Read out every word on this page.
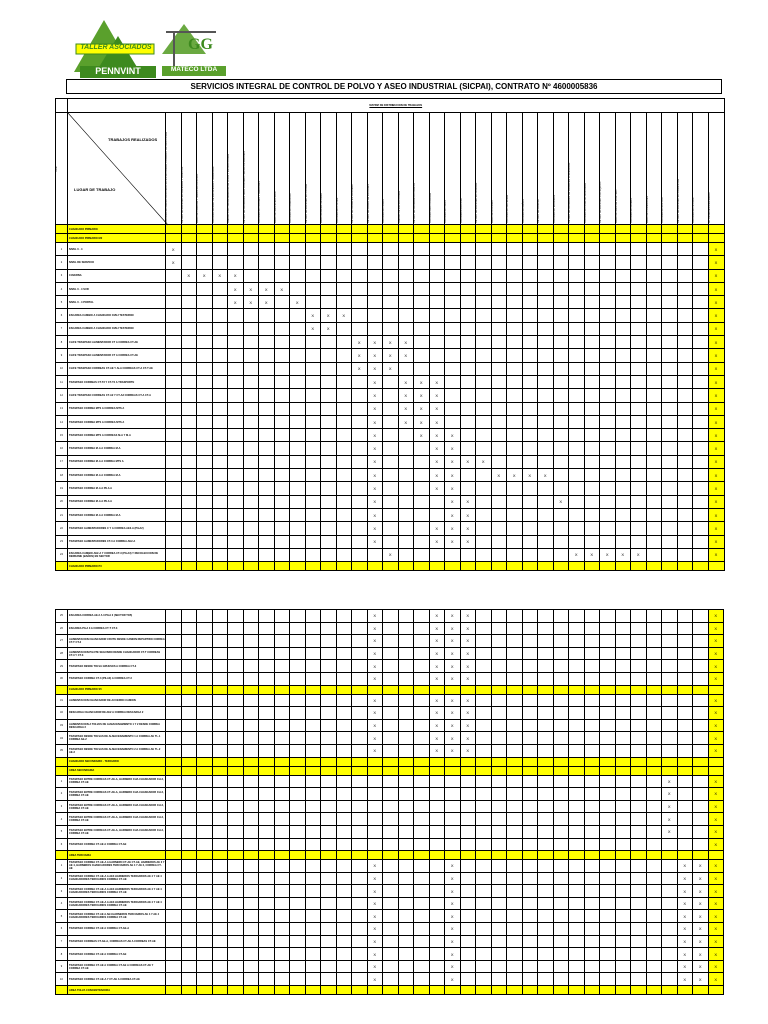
TALLER ASOCIADOS
PENNVINT
GG
MATECO LTDA
SERVICIOS INTEGRAL DE CONTROL DE POLVO Y ASEO INDUSTRIAL (SICPAI), CONTRATO Nº 4600005836
	MATRIZ DE DISTRIBUCION DE TRABAJOS																																				

ITEM	TRABAJOS REALIZADOS
LUGAR DE TRABAJO	LIMPIEZA DE BARRO CORTINA/CHUTES DE CARGA, CORREA Y ESTRUCTURAS	RETIRO DE MATERIAL EN GALERIAS Y PASILLOS	ASEO DE CASETAS Y SALAS DE CONTROL	LIMPIEZA MANUAL DE ESCALERAS Y BARANDAS	LAVADO CON HIDROLAVADORA DE PISOS Y ESTRUCTURAS	RETIRO DE DERRAMES BAJO CORREAS TRANSPORTADORAS	LIMPIEZA DE POLINES Y TAMBORES	ASEO DE SALA ELECTRICA	LIMPIEZA DE CANALETAS	RETIRO DE MATERIAL EN TOLVAS	ASEO GENERAL DE AREA	LIMPIEZA DE CHUTES	RETIRO DE CARGA EN CORREAS	RETIRO DE BARRO DE MOTORES	LIMPIEZA DE FOSOS	LAVADO DE ESTRUCTURAS	RETIRO DE DERRAME EN PASILLO	LIMPIEZA BAJO CORREAS	LIMPIEZA DE PISOS	LIMPIEZA EN ALTURA	RETIRO DE MATERIAL EN BOMBAS	ASEO DE OFICINAS	LIMPIEZA DE VENTANAS	LIMPIEZA DE BAÑOS	RETIRO DE BASURA	LIMPIEZA DE TABLEROS	RETIRO DE DERRAMES DE CARGA EN CHANCADOR	LIMPIEZA DE ZONA DE DESCARGA	RETIRO DE MATERIAL CON EQUIPO	ASEO DE SALA DE CONTROL	LIMPIEZA DE BATEAS	ASEO DE COMEDORES	LIMPIEZA DE DUCTOS	RETIRO DE MATERIAL EN CANALETAS	LIMPIEZA DE FILTROS	ACTIVIDADES ASIGNADAS

	CHANCADO PRIMARIO																																				
	CHANCADO PRIMARIO M2																																				
1	NIVEL 0 - 4	X																																			X
2	NIVEL DE SERVICIO	X																																			X
3	CAVERNA		X	X	X	X																															X
4	NIVEL 0 - 4 SUR					X	X	X	X																												X
5	NIVEL 0 - 4 PORTAL					X	X	X		X																											X
6	ESCAREA CAMBIO A CHANCADO OVEJ TESTERON										X	X	X																								X
7	ESCAREA CAMBIO A CHANCADO OVEJ TESTERON										X	X																									X
8	CLIFE TRASPASO ALIMENTADOR CT A CORREA CT-AE													X	X	X	X																				X
9	CLIFE TRASPASO ALIMENTADOR CT A CORREA CT-AE													X	X	X	X																				X
10	CLIFE TRASPASO CORREAS CT-AE Y ALA CORREAS CT-A CT-T AE													X	X	X																					X
11	TRASPASO CORREAS CT-T3 Y CT-T4 A TRASPORTE														X		X	X	X																		X
12	CLIFE TRASPASO CORREAS CT-A2 Y CT-A3 CORREAS CT-A CT-A														X		X	X	X																		X
13	TRASPASO CORREA MTS A CORREA MTS A														X		X	X	X																		X
14	TRASPASO CORREA MTS A CORREA MTS A														X		X	X	X																		X
15	TRASPASO CORREA MTS A CORREAS M-A Y M-A														X			X	X	X																	X
16	TRASPASO CORREA M-A A CORREA M-A														X				X	X																	X
17	TRASPASO CORREA M-A A CORREA MTS A														X				X	X	X	X															X
18	TRASPASO CORREA M-A A CORREA M-A														X				X	X			X	X	X	X											X
19	TRASPASO CORREA M-A A PILA A														X				X	X																	X
20	TRASPASO CORREA M-A A PILA A														X					X	X						X										X
21	TRASPASO CORREA M-A A CORREA M-A														X					X	X																X
22	TRASPASO ALIMENTADORES C Y A CORREA AE2-A (PILA2)														X				X	X	X																X
23	TRASPASO ALIMENTADORES CT-3 A CORREA AE2-A														X				X	X	X																X
24	ESCAREA CAMBIO AE2-A Y CORREA CT-3 (PILA3) Y RECOLECCION DE DERRAME (BAÑOS) EN SECTOR															X												X	X	X	X	X					X
	CHANCADO PRIMARIO P3																																				
25	ESCAREA CORREA AE-2 A 3 PILA 2 (SECTOR TO5)														X				X	X	X																X
26	ESCAREA PILA 3 A CORREA CT-T CT-3														X				X	X	X																X
27	ALIMENTACION CHANCADOR CRUTE DESDE CAMION REPARTIDO CORREA CT-T CT-3														X				X	X	X																X
28	ALIMENTACION PILOTE SEGUNDO DESDE CHANCADOR CT-T CORREAS CT-3 Y CT-3														X				X	X	X																X
29	TRASPASO DESDE TOLVA GRUESOS A CORREA CT-3														X				X	X	X																X
30	TRASPASO CORREA CT-3 (PILA3) A CORREA CT-3														X				X	X	X																X
	CHANCADO PRIMARIO S5																																				
31	ALIMENTACION CHANCADOR DE ACUERDO CAMION														X				X	X	X																X
32	DESCARGA CHANCADOR DE AE2 A CORREA DESCARGA 2														X				X	X	X																X
33	ALIMENTACION A TOLVAS DE ALMACENAMIENTO 1 Y 2 DESDE CORREA DESCARGA 2														X				X	X	X																X
34	TRASPASO DESDE TOLVAS DE ALMACENAMIENTO 1 A CORREA AE TL-1 CORREA AE-2														X				X	X	X																X
35	TRASPASO DESDE TOLVAS DE ALMACENAMIENTO 2 A CORREA AE TL-2 AE-2														X				X	X	X																X
	CHANCADO SECUNDARIO - TERCIARIO																																				
	AREA SECUNDARIA																																				
1	TRASPASO ENTRE CORREAS CT-AE-A, HARNERO CHA CHANCADOR CH-3, CORREA CT-AE																																	X			X
2	TRASPASO ENTRE CORREAS CT-AE-A, HARNERO CHA CHANCADOR CH-3, CORREA CT-AE																																	X			X
3	TRASPASO ENTRE CORREAS CT-AE-A, HARNERO CHA CHANCADOR CH-3, CORREA CT-AE																																	X			X
4	TRASPASO ENTRE CORREAS CT-AE-A, HARNERO CHA CHANCADOR CH-3, CORREA CT-AE																																	X			X
5	TRASPASO ENTRE CORREAS CT-AE-A, HARNERO CHA CHANCADOR CH-3, CORREA CT-AE																																	X			X
6	TRASPASO CORREA CT-AE A CORREA CT-AE																																				X
	AREA TERCIARIA																																				
1	TRASPASO CORREA CT-AE-A A HARNERO CT-AE CT-AE, HARNEROS AE 2 Y AE 4, HARNEROS CHANCADORES TERCIARIOS AE 4 Y AE 2, CORREA CT-AE														X					X															X	X	X
2	TRASPASO CORREA CT-AE-A A AE3 HARNEROS TERCIARIOS AE 4 Y AE 4 CHANCADORES TERCIARIOS CORREA CT-AE														X					X															X	X	X
3	TRASPASO CORREA CT-AE-A A AE3 HARNEROS TERCIARIOS AE 4 Y AE 4 CHANCADORES TERCIARIOS CORREA CT-AE														X					X															X	X	X
4	TRASPASO CORREA CT-AE-A A AE3 HARNEROS TERCIARIOS AE 4 Y AE 4 CHANCADORES TERCIARIOS CORREA CT-AE														X					X															X	X	X
5	TRASPASO CORREA CT-AE A AE4 HARNEROS TERCIARIOS AE 4 Y AE 4 CHANCADORES TERCIARIOS CORREA CT-AE														X					X															X	X	X
6	TRASPASO CORREA CT-AE A CORREA CT-AE-A														X					X															X	X	X
7	TRASPASO CORREAS CT-AE-A, CORREAS CT-AE A CORREAS CT-AE														X					X															X	X	X
8	TRASPASO CORREA CT-AE A CORREA CT-AE														X					X															X	X	X
9	TRASPASO CORREA CT-AE A CORREA CT-AE A CORREAS CT-AE Y CORREA CT-AE														X					X															X	X	X
10	TRASPASO CORREA CT-AE-A Y CT-AE A CORREA CT-AE														X					X															X	X	X
	AREA TOLVA CONCENTRADORA																																				
